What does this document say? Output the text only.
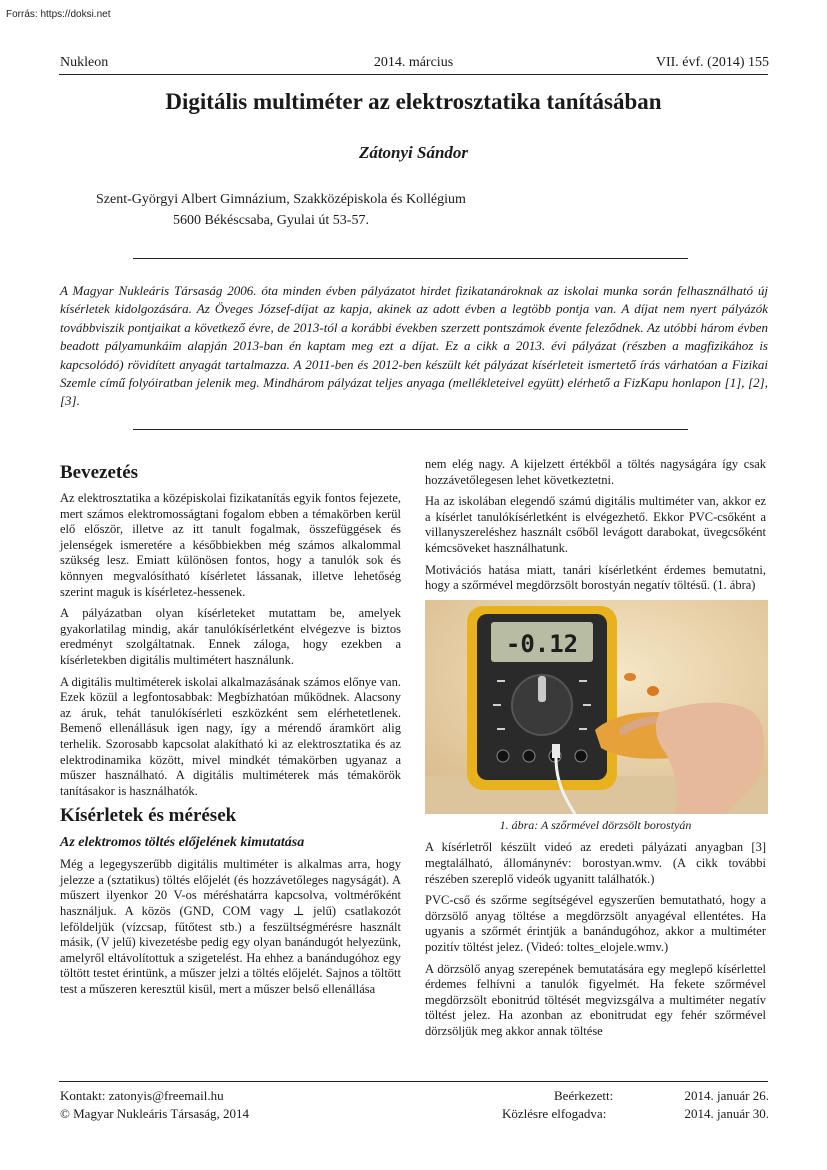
Forrás: https://doksi.net
Nukleon	2014. március	VII. évf. (2014) 155
Digitális multiméter az elektrosztatika tanításában
Zátonyi Sándor
Szent-Györgyi Albert Gimnázium, Szakközépiskola és Kollégium
5600 Békéscsaba, Gyulai út 53-57.

A Magyar Nukleáris Társaság 2006. óta minden évben pályázatot hirdet fizikatanároknak az iskolai munka során felhasználható új kísérletek kidolgozására. Az Öveges József-díjat az kapja, akinek az adott évben a legtöbb pontja van. A díjat nem nyert pályázók továbbviszik pontjaikat a következő évre, de 2013-tól a korábbi években szerzett pontszámok évente feleződnek. Az utóbbi három évben beadott pályamunkáim alapján 2013-ban én kaptam meg ezt a díjat. Ez a cikk a 2013. évi pályázat (részben a magfizikához is kapcsolódó) rövidített anyagát tartalmazza. A 2011-ben és 2012-ben készült két pályázat kísérleteit ismertető írás várhatóan a Fizikai Szemle című folyóiratban jelenik meg. Mindhárom pályázat teljes anyaga (mellékleteivel együtt) elérhető a FizKapu honlapon [1], [2], [3].

Bevezetés

Az elektrosztatika a középiskolai fizikatanítás egyik fontos fejezete, mert számos elektromosságtani fogalom ebben a témakörben kerül elő először, illetve az itt tanult fogalmak, összefüggések és jelenségek ismeretére a későbbiekben még számos alkalommal szükség lesz. Emiatt különösen fontos, hogy a tanulók sok és könnyen megvalósítható kísérletet lássanak, illetve lehetőség szerint maguk is kísérletez-hessenek.

A pályázatban olyan kísérleteket mutattam be, amelyek gyakorlatilag mindig, akár tanulókísérletként elvégezve is biztos eredményt szolgáltatnak. Ennek záloga, hogy ezekben a kísérletekben digitális multimétert használunk.

A digitális multiméterek iskolai alkalmazásának számos előnye van. Ezek közül a legfontosabbak: Megbízhatóan működnek. Alacsony az áruk, tehát tanulókísérleti eszközként sem elérhetetlenek. Bemenő ellenállásuk igen nagy, így a mérendő áramkört alig terhelik. Szorosabb kapcsolat alakítható ki az elektrosztatika és az elektrodinamika között, mivel mindkét témakörben ugyanaz a műszer használható. A digitális multiméterek más témakörök tanításakor is használhatók.

Kísérletek és mérések
Az elektromos töltés előjelének kimutatása

Még a legegyszerűbb digitális multiméter is alkalmas arra, hogy jelezze a (sztatikus) töltés előjelét (és hozzávetőleges nagyságát). A műszert ilyenkor 20 V-os méréshatárra kapcsolva, voltmérőként használjuk. A közös (GND, COM vagy ⊥ jelű) csatlakozót leföldeljük (vízcsap, fűtőtest stb.) a feszültségmérésre használt másik, (V jelű) kivezetésbe pedig egy olyan banándugót helyezünk, amelyről eltávolítottuk a szigetelést. Ha ehhez a banándugóhoz egy töltött testet érintünk, a műszer jelzi a töltés előjelét. Sajnos a töltött test a műszeren keresztül kisül, mert a műszer belső ellenállása

nem elég nagy. A kijelzett értékből a töltés nagyságára így csak hozzávetőlegesen lehet következtetni.

Ha az iskolában elegendő számú digitális multiméter van, akkor ez a kísérlet tanulókísérletként is elvégezhető. Ekkor PVC-csőként a villanyszereléshez használt csőből levágott darabokat, üvegcsőként kémcsöveket használhatunk.

Motivációs hatása miatt, tanári kísérletként érdemes bemutatni, hogy a szőrmével megdörzsölt borostyán negatív töltésű. (1. ábra)

-0.12

1. ábra: A szőrmével dörzsölt borostyán

A kísérletről készült videó az eredeti pályázati anyagban [3] megtalálható, állománynév: borostyan.wmv. (A cikk további részében szereplő videók ugyanitt találhatók.)

PVC-cső és szőrme segítségével egyszerűen bemutatható, hogy a dörzsölő anyag töltése a megdörzsölt anyagéval ellentétes. Ha ugyanis a szőrmét érintjük a banándugóhoz, akkor a multiméter pozitív töltést jelez. (Videó: toltes_elojele.wmv.)

A dörzsölő anyag szerepének bemutatására egy meglepő kísérlettel érdemes felhívni a tanulók figyelmét. Ha fekete szőrmével megdörzsölt ebonitrúd töltését megvizsgálva a multiméter negatív töltést jelez. Ha azonban az ebonitrudat egy fehér szőrmével dörzsöljük meg akkor annak töltése

Kontakt: zatonyis@freemail.hu
© Magyar Nukleáris Társaság, 2014
Beérkezett:	2014. január 26.
Közlésre elfogadva:	2014. január 30.
